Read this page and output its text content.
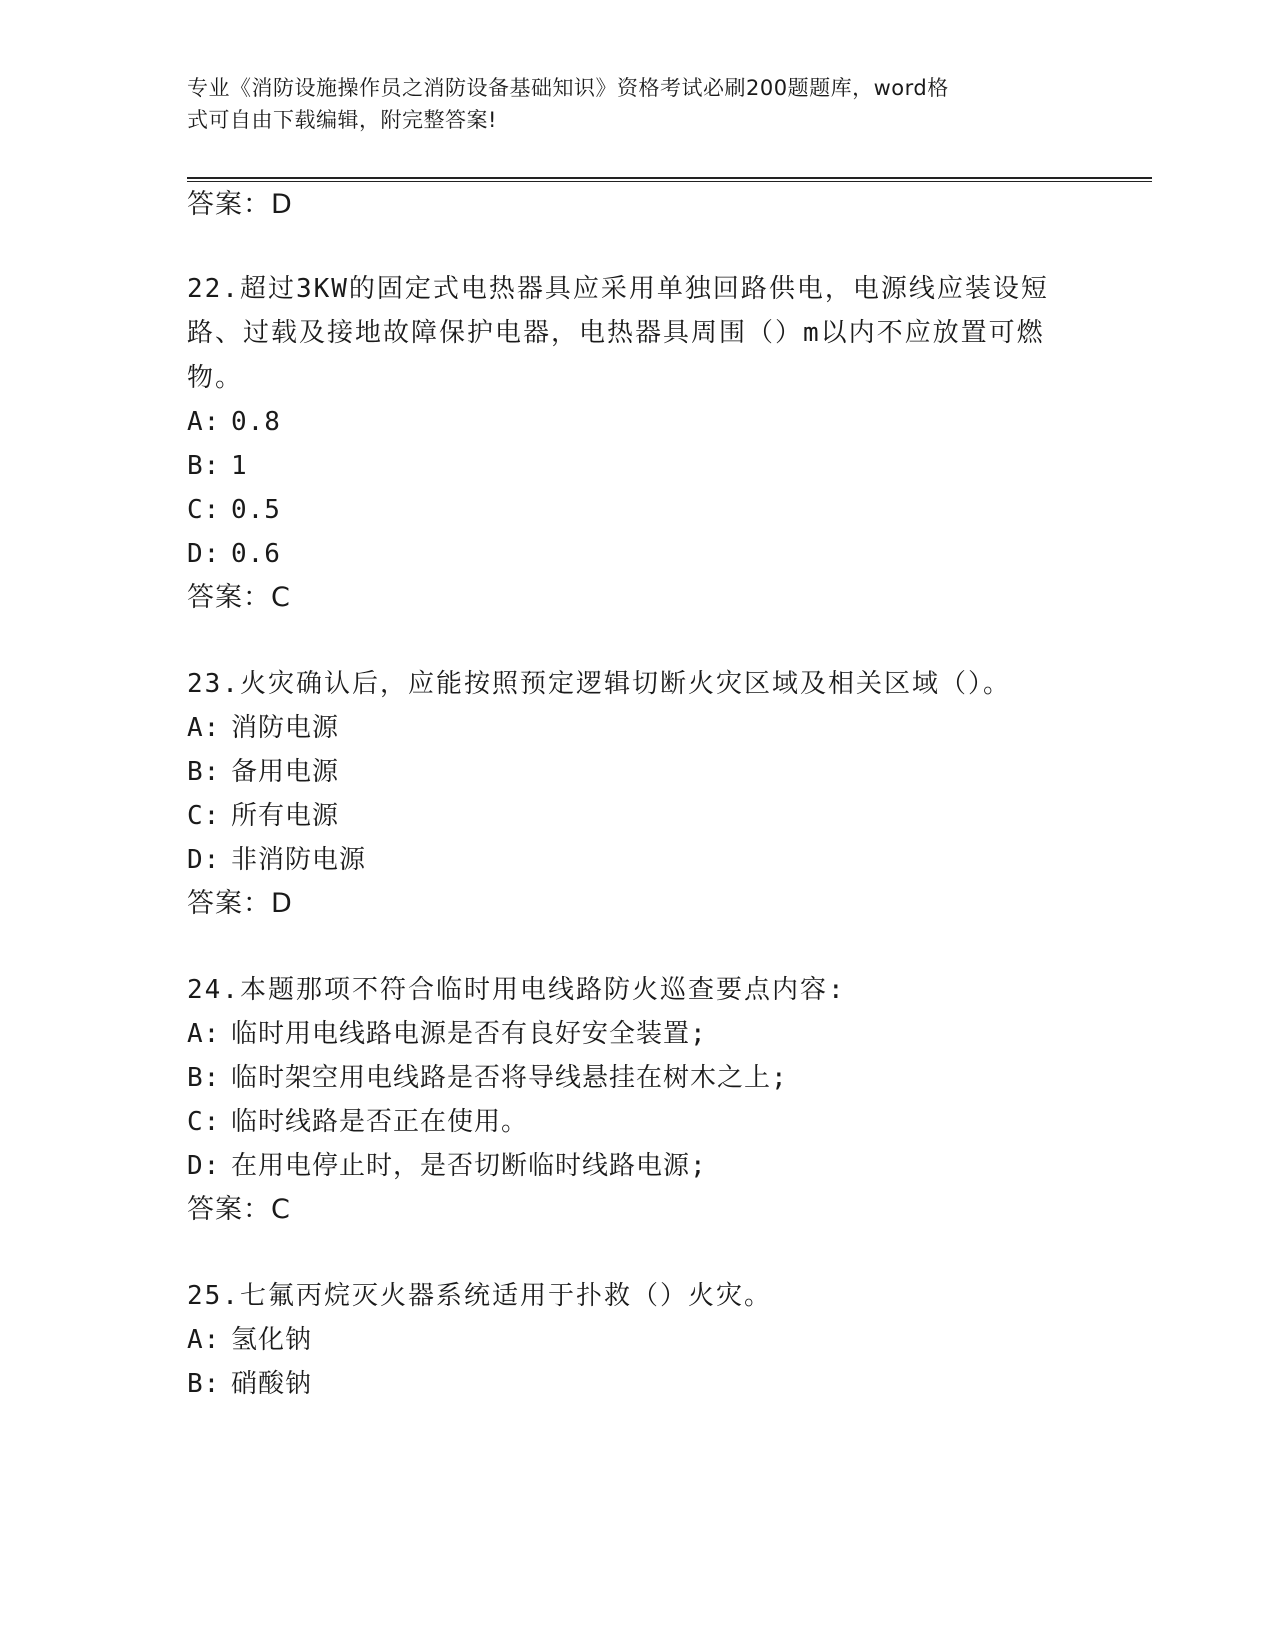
专业《消防设施操作员之消防设备基础知识》资格考试必刷200题题库，word格
式可自由下载编辑，附完整答案!
答案：D
22.超过3KW的固定式电热器具应采用单独回路供电，电源线应装设短
路、过载及接地故障保护电器，电热器具周围（）m以内不应放置可燃
物。
A: 0.8
B: 1
C: 0.5
D: 0.6
答案：C
23.火灾确认后，应能按照预定逻辑切断火灾区域及相关区域（）。
A: 消防电源
B: 备用电源
C: 所有电源
D: 非消防电源
答案：D
24.本题那项不符合临时用电线路防火巡查要点内容:
A: 临时用电线路电源是否有良好安全装置;
B: 临时架空用电线路是否将导线悬挂在树木之上;
C: 临时线路是否正在使用。
D: 在用电停止时，是否切断临时线路电源;
答案：C
25.七氟丙烷灭火器系统适用于扑救（）火灾。
A: 氢化钠
B: 硝酸钠
